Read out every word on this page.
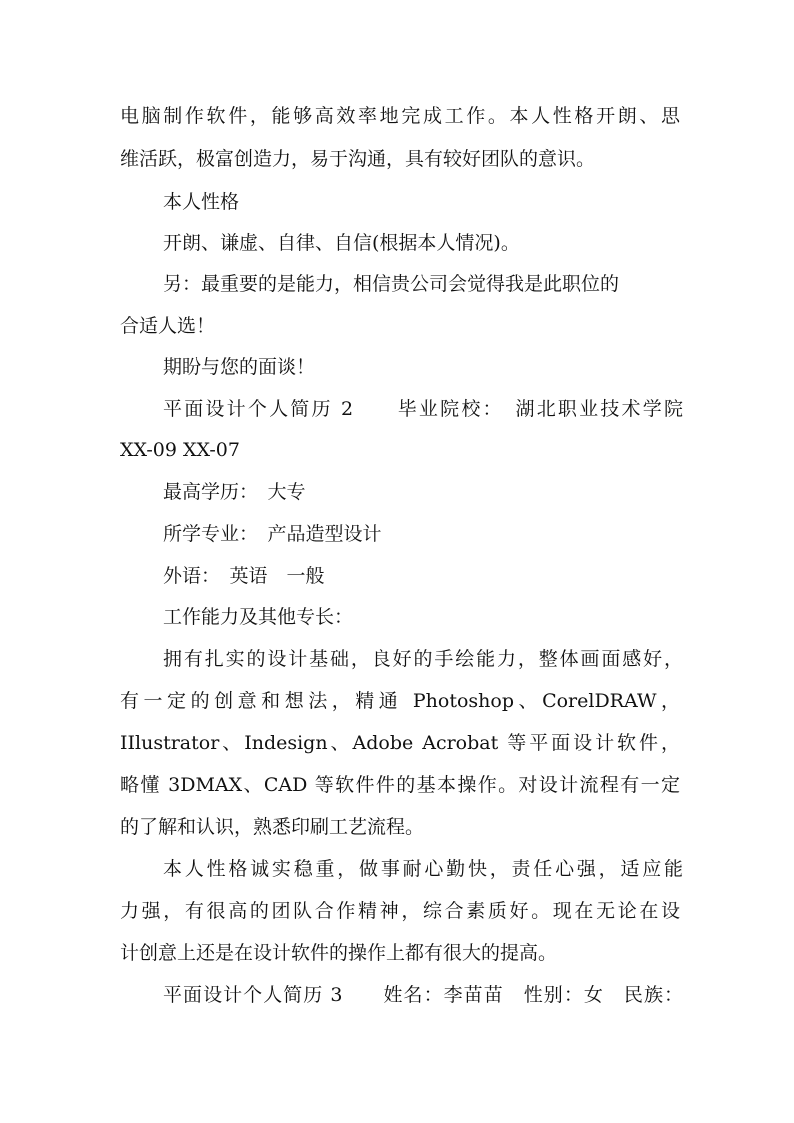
电脑制作软件，能够高效率地完成工作。本人性格开朗、思
维活跃，极富创造力，易于沟通，具有较好团队的意识。
本人性格
开朗、谦虚、自律、自信(根据本人情况)。
另：最重要的是能力，相信贵公司会觉得我是此职位的
合适人选！
期盼与您的面谈！
平面设计个人简历 2　　毕业院校：　湖北职业技术学院
XX-09 XX-07
最高学历：　大专
所学专业：　产品造型设计
外语：　英语　一般
工作能力及其他专长：
拥有扎实的设计基础，良好的手绘能力，整体画面感好，
有一定的创意和想法，精通 Photoshop、CorelDRAW，
IIlustrator、Indesign、Adobe Acrobat 等平面设计软件，
略懂 3DMAX、CAD 等软件件的基本操作。对设计流程有一定
的了解和认识，熟悉印刷工艺流程。
本人性格诚实稳重，做事耐心勤快，责任心强，适应能
力强，有很高的团队合作精神，综合素质好。现在无论在设
计创意上还是在设计软件的操作上都有很大的提高。
平面设计个人简历 3　　姓名：李苗苗　性别：女　民族：
